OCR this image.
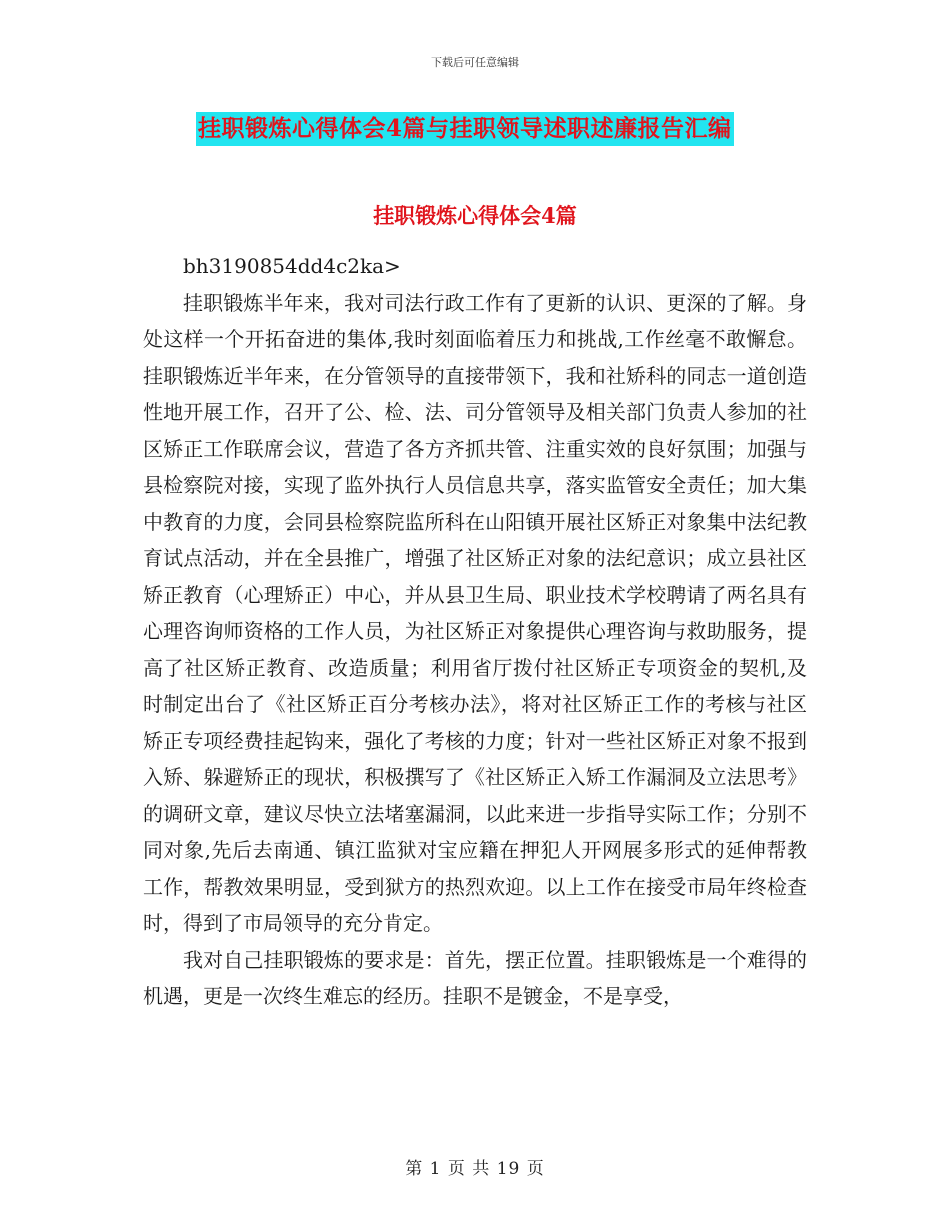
下载后可任意编辑
挂职锻炼心得体会4篇与挂职领导述职述廉报告汇编
挂职锻炼心得体会4篇

bh3190854dd4c2ka>

挂职锻炼半年来，我对司法行政工作有了更新的认识、更深的了解。身处这样一个开拓奋进的集体,我时刻面临着压力和挑战,工作丝毫不敢懈怠。挂职锻炼近半年来，在分管领导的直接带领下，我和社矫科的同志一道创造性地开展工作，召开了公、检、法、司分管领导及相关部门负责人参加的社区矫正工作联席会议，营造了各方齐抓共管、注重实效的良好氛围；加强与县检察院对接，实现了监外执行人员信息共享，落实监管安全责任；加大集中教育的力度，会同县检察院监所科在山阳镇开展社区矫正对象集中法纪教育试点活动，并在全县推广，增强了社区矫正对象的法纪意识；成立县社区矫正教育（心理矫正）中心，并从县卫生局、职业技术学校聘请了两名具有心理咨询师资格的工作人员，为社区矫正对象提供心理咨询与救助服务，提高了社区矫正教育、改造质量；利用省厅拨付社区矫正专项资金的契机,及时制定出台了《社区矫正百分考核办法》，将对社区矫正工作的考核与社区矫正专项经费挂起钩来，强化了考核的力度；针对一些社区矫正对象不报到入矫、躲避矫正的现状，积极撰写了《社区矫正入矫工作漏洞及立法思考》的调研文章，建议尽快立法堵塞漏洞，以此来进一步指导实际工作；分别不同对象,先后去南通、镇江监狱对宝应籍在押犯人开网展多形式的延伸帮教工作，帮教效果明显，受到狱方的热烈欢迎。以上工作在接受市局年终检查时，得到了市局领导的充分肯定。

我对自己挂职锻炼的要求是：首先，摆正位置。挂职锻炼是一个难得的机遇，更是一次终生难忘的经历。挂职不是镀金，不是享受，

第 1 页 共 19 页
